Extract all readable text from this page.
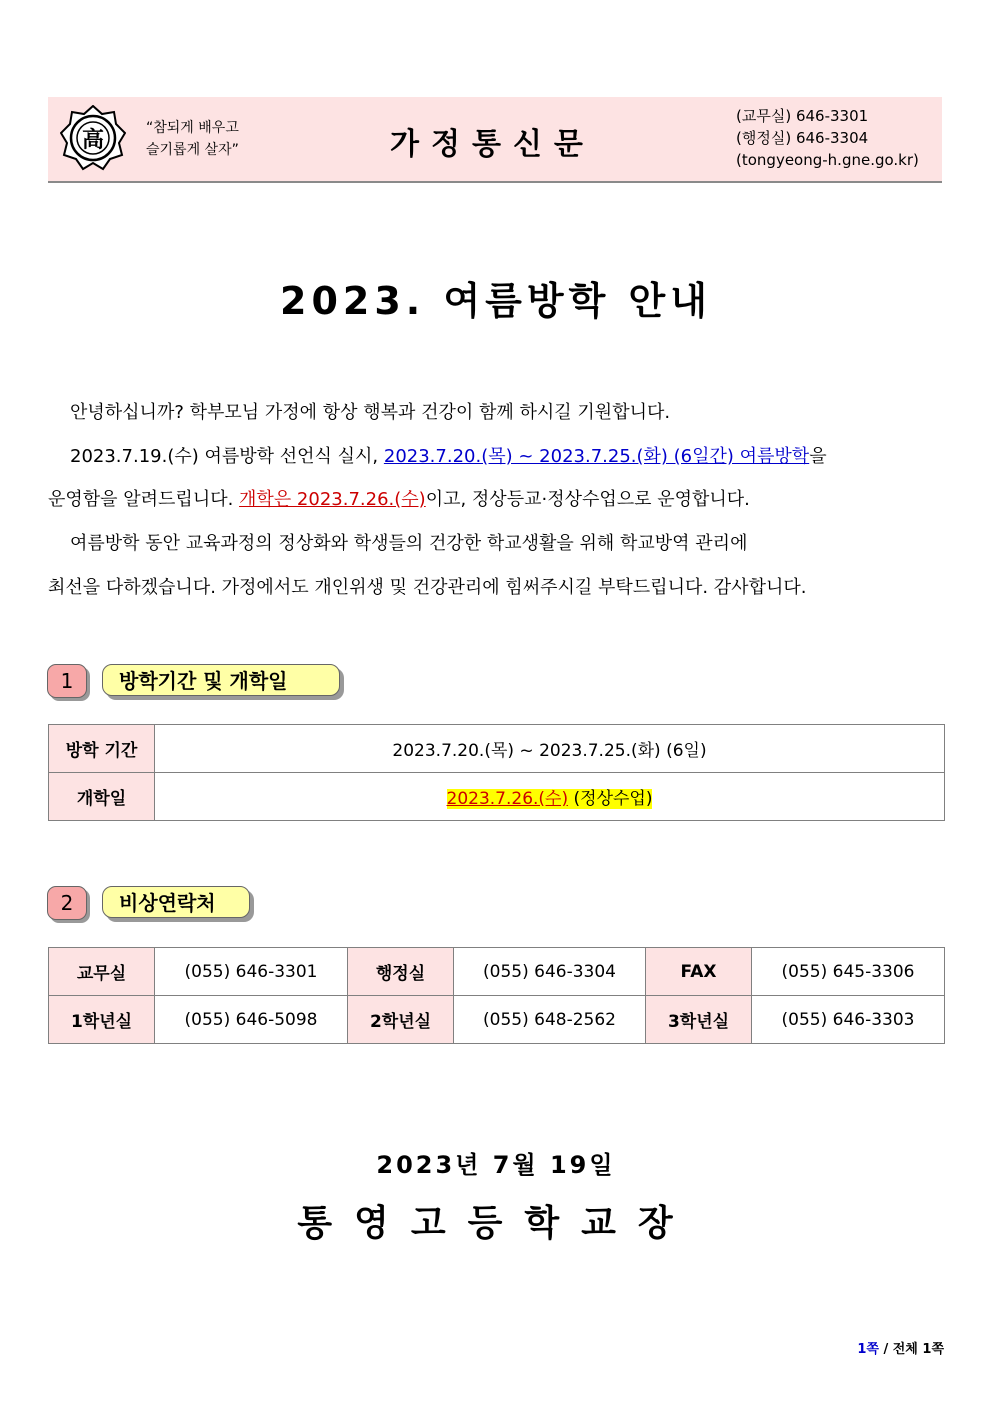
高	“참되게 배우고
슬기롭게 살자”	가정통신문
(교무실) 646-3301
(행정실) 646-3304
(tongyeong-h.gne.go.kr)
2023. 여름방학 안내
안녕하십니까? 학부모님 가정에 항상 행복과 건강이 함께 하시길 기원합니다.
2023.7.19.(수) 여름방학 선언식 실시, 2023.7.20.(목) ~ 2023.7.25.(화) (6일간) 여름방학을
운영함을 알려드립니다. 개학은 2023.7.26.(수)이고, 정상등교·정상수업으로 운영합니다.
여름방학 동안 교육과정의 정상화와 학생들의 건강한 학교생활을 위해 학교방역 관리에
최선을 다하겠습니다. 가정에서도 개인위생 및 건강관리에 힘써주시길 부탁드립니다. 감사합니다.
1	방학기간 및 개학일
방학 기간	2023.7.20.(목) ~ 2023.7.25.(화) (6일)
개학일	2023.7.26.(수) (정상수업)
2	비상연락처
교무실	(055) 646-3301	행정실	(055) 646-3304	FAX	(055) 645-3306
1학년실	(055) 646-5098	2학년실	(055) 648-2562	3학년실	(055) 646-3303
2023년 7월 19일
통영고등학교장
1쪽 / 전체 1쪽
